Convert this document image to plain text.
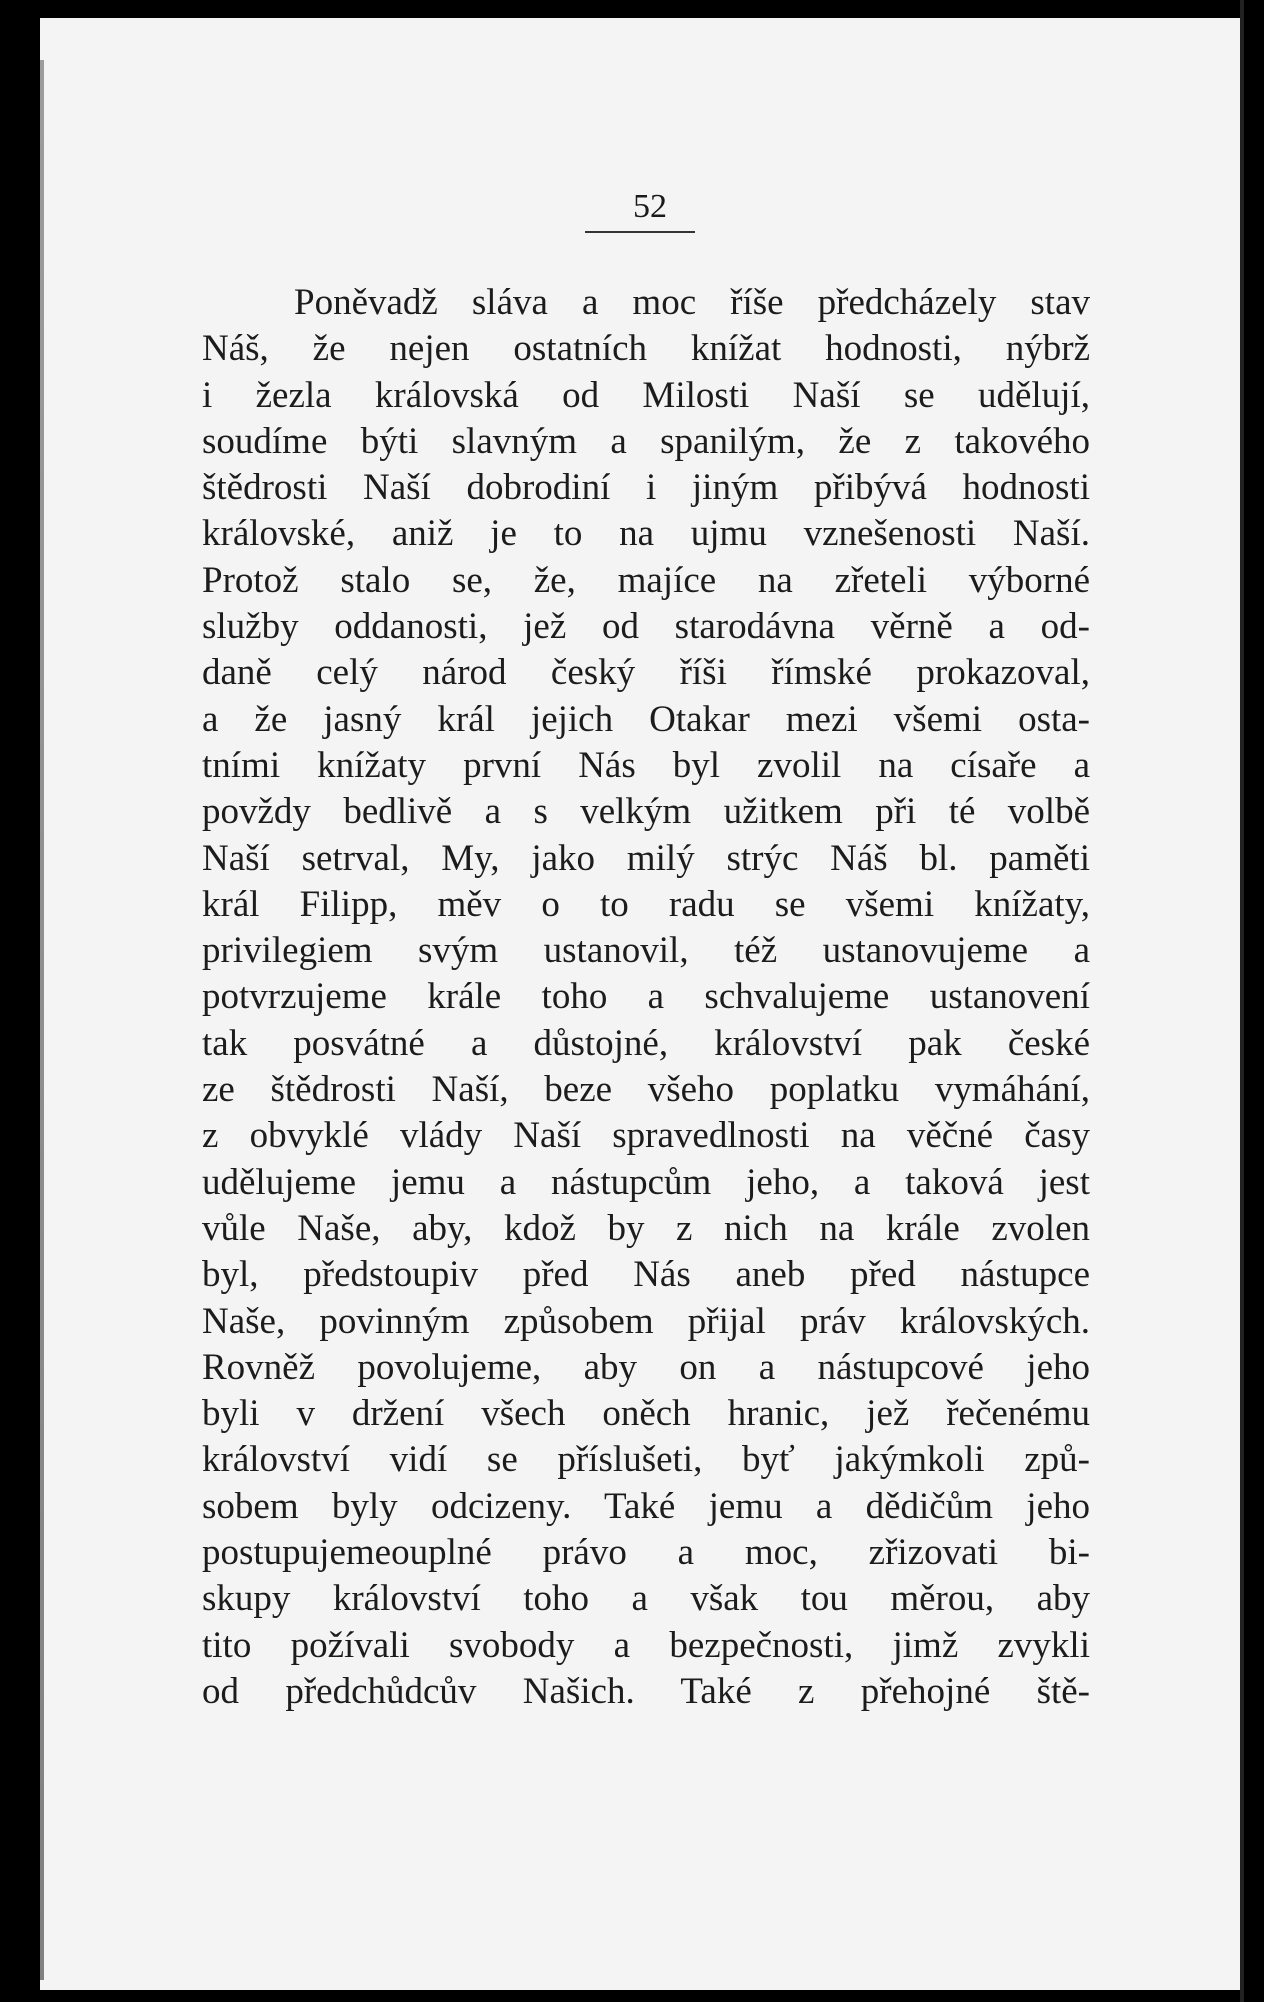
52
Poněvadž sláva a moc říše předcházely stav
Náš, že nejen ostatních knížat hodnosti, nýbrž
i žezla královská od Milosti Naší se udělují,
soudíme býti slavným a spanilým, že z takového
štědrosti Naší dobrodiní i jiným přibývá hodnosti
královské, aniž je to na ujmu vznešenosti Naší.
Protož stalo se, že, majíce na zřeteli výborné
služby oddanosti, jež od starodávna věrně a od-
daně celý národ český říši římské prokazoval,
a že jasný král jejich Otakar mezi všemi osta-
tními knížaty první Nás byl zvolil na císaře a
povždy bedlivě a s velkým užitkem při té volbě
Naší setrval, My, jako milý strýc Náš bl. paměti
král Filipp, měv o to radu se všemi knížaty,
privilegiem svým ustanovil, též ustanovujeme a
potvrzujeme krále toho a schvalujeme ustanovení
tak posvátné a důstojné, království pak české
ze štědrosti Naší, beze všeho poplatku vymáhání,
z obvyklé vlády Naší spravedlnosti na věčné časy
udělujeme jemu a nástupcům jeho, a taková jest
vůle Naše, aby, kdož by z nich na krále zvolen
byl, předstoupiv před Nás aneb před nástupce
Naše, povinným způsobem přijal práv královských.
Rovněž povolujeme, aby on a nástupcové jeho
byli v držení všech oněch hranic, jež řečenému
království vidí se příslušeti, byť jakýmkoli způ-
sobem byly odcizeny. Také jemu a dědičům jeho
postupujemeouplné právo a moc, zřizovati bi-
skupy království toho a však tou měrou, aby
tito požívali svobody a bezpečnosti, jimž zvykli
od předchůdcův Našich. Také z přehojné ště-
